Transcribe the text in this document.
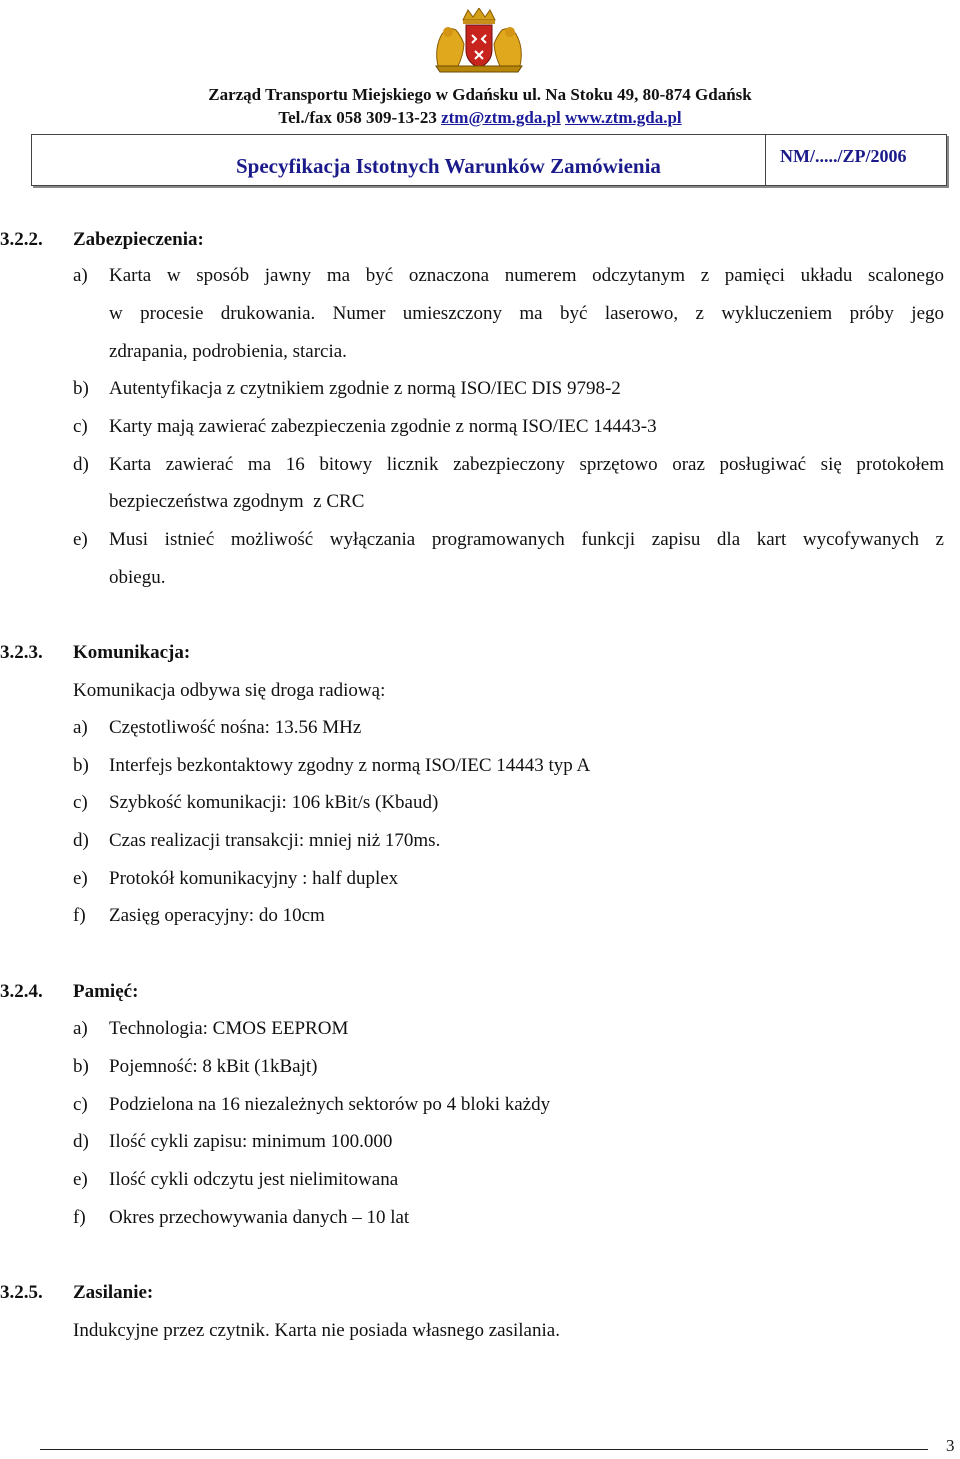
Zarząd Transportu Miejskiego w Gdańsku ul. Na Stoku 49, 80-874 Gdańsk
Tel./fax 058 309-13-23 ztm@ztm.gda.pl www.ztm.gda.pl
Specyfikacja Istotnych Warunków Zamówienia	NM/...../ZP/2006
3.2.2. Zabezpieczenia:
a) Karta w sposób jawny ma być oznaczona numerem odczytanym z pamięci układu scalonego
w procesie drukowania. Numer umieszczony ma być laserowo, z wykluczeniem próby jego
zdrapania, podrobienia, starcia.
b) Autentyfikacja z czytnikiem zgodnie z normą ISO/IEC DIS 9798-2
c) Karty mają zawierać zabezpieczenia zgodnie z normą ISO/IEC 14443-3
d) Karta zawierać ma 16 bitowy licznik zabezpieczony sprzętowo oraz posługiwać się protokołem
bezpieczeństwa zgodnym  z CRC
e) Musi istnieć możliwość wyłączania programowanych funkcji zapisu dla kart wycofywanych z
obiegu.
3.2.3. Komunikacja:
Komunikacja odbywa się droga radiową:
a) Częstotliwość nośna: 13.56 MHz
b) Interfejs bezkontaktowy zgodny z normą ISO/IEC 14443 typ A
c) Szybkość komunikacji: 106 kBit/s (Kbaud)
d) Czas realizacji transakcji: mniej niż 170ms.
e) Protokół komunikacyjny : half duplex
f) Zasięg operacyjny: do 10cm
3.2.4. Pamięć:
a) Technologia: CMOS EEPROM
b) Pojemność: 8 kBit (1kBajt)
c) Podzielona na 16 niezależnych sektorów po 4 bloki każdy
d) Ilość cykli zapisu: minimum 100.000
e) Ilość cykli odczytu jest nielimitowana
f) Okres przechowywania danych – 10 lat
3.2.5. Zasilanie:
Indukcyjne przez czytnik. Karta nie posiada własnego zasilania.
3
